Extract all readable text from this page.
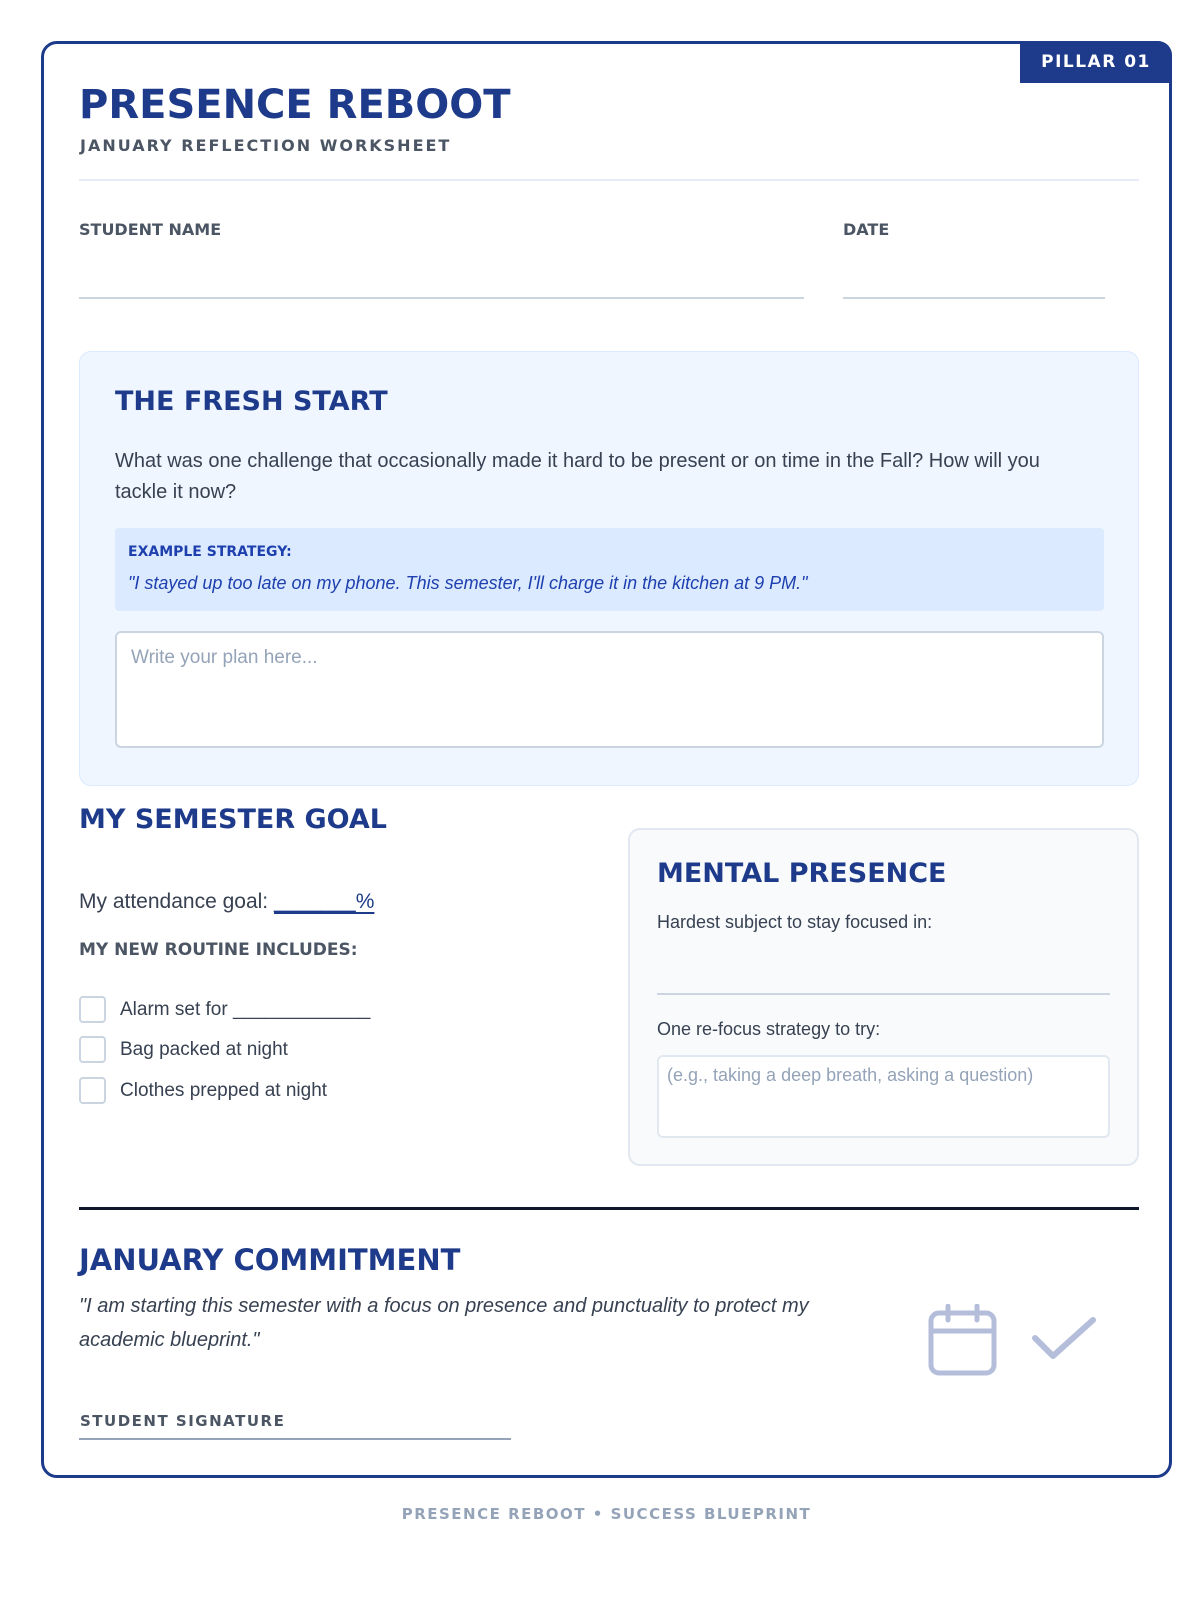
PILLAR 01
PRESENCE REBOOT
JANUARY REFLECTION WORKSHEET
STUDENT NAME	DATE
THE FRESH START
What was one challenge that occasionally made it hard to be present or on time in the Fall? How will you tackle it now?
EXAMPLE STRATEGY:
"I stayed up too late on my phone. This semester, I'll charge it in the kitchen at 9 PM."
Write your plan here...
MY SEMESTER GOAL
My attendance goal: _______%
MY NEW ROUTINE INCLUDES:
Alarm set for _____________
Bag packed at night
Clothes prepped at night
MENTAL PRESENCE
Hardest subject to stay focused in:
One re-focus strategy to try:
(e.g., taking a deep breath, asking a question)
JANUARY COMMITMENT
"I am starting this semester with a focus on presence and punctuality to protect my academic blueprint."
STUDENT SIGNATURE
PRESENCE REBOOT • SUCCESS BLUEPRINT
